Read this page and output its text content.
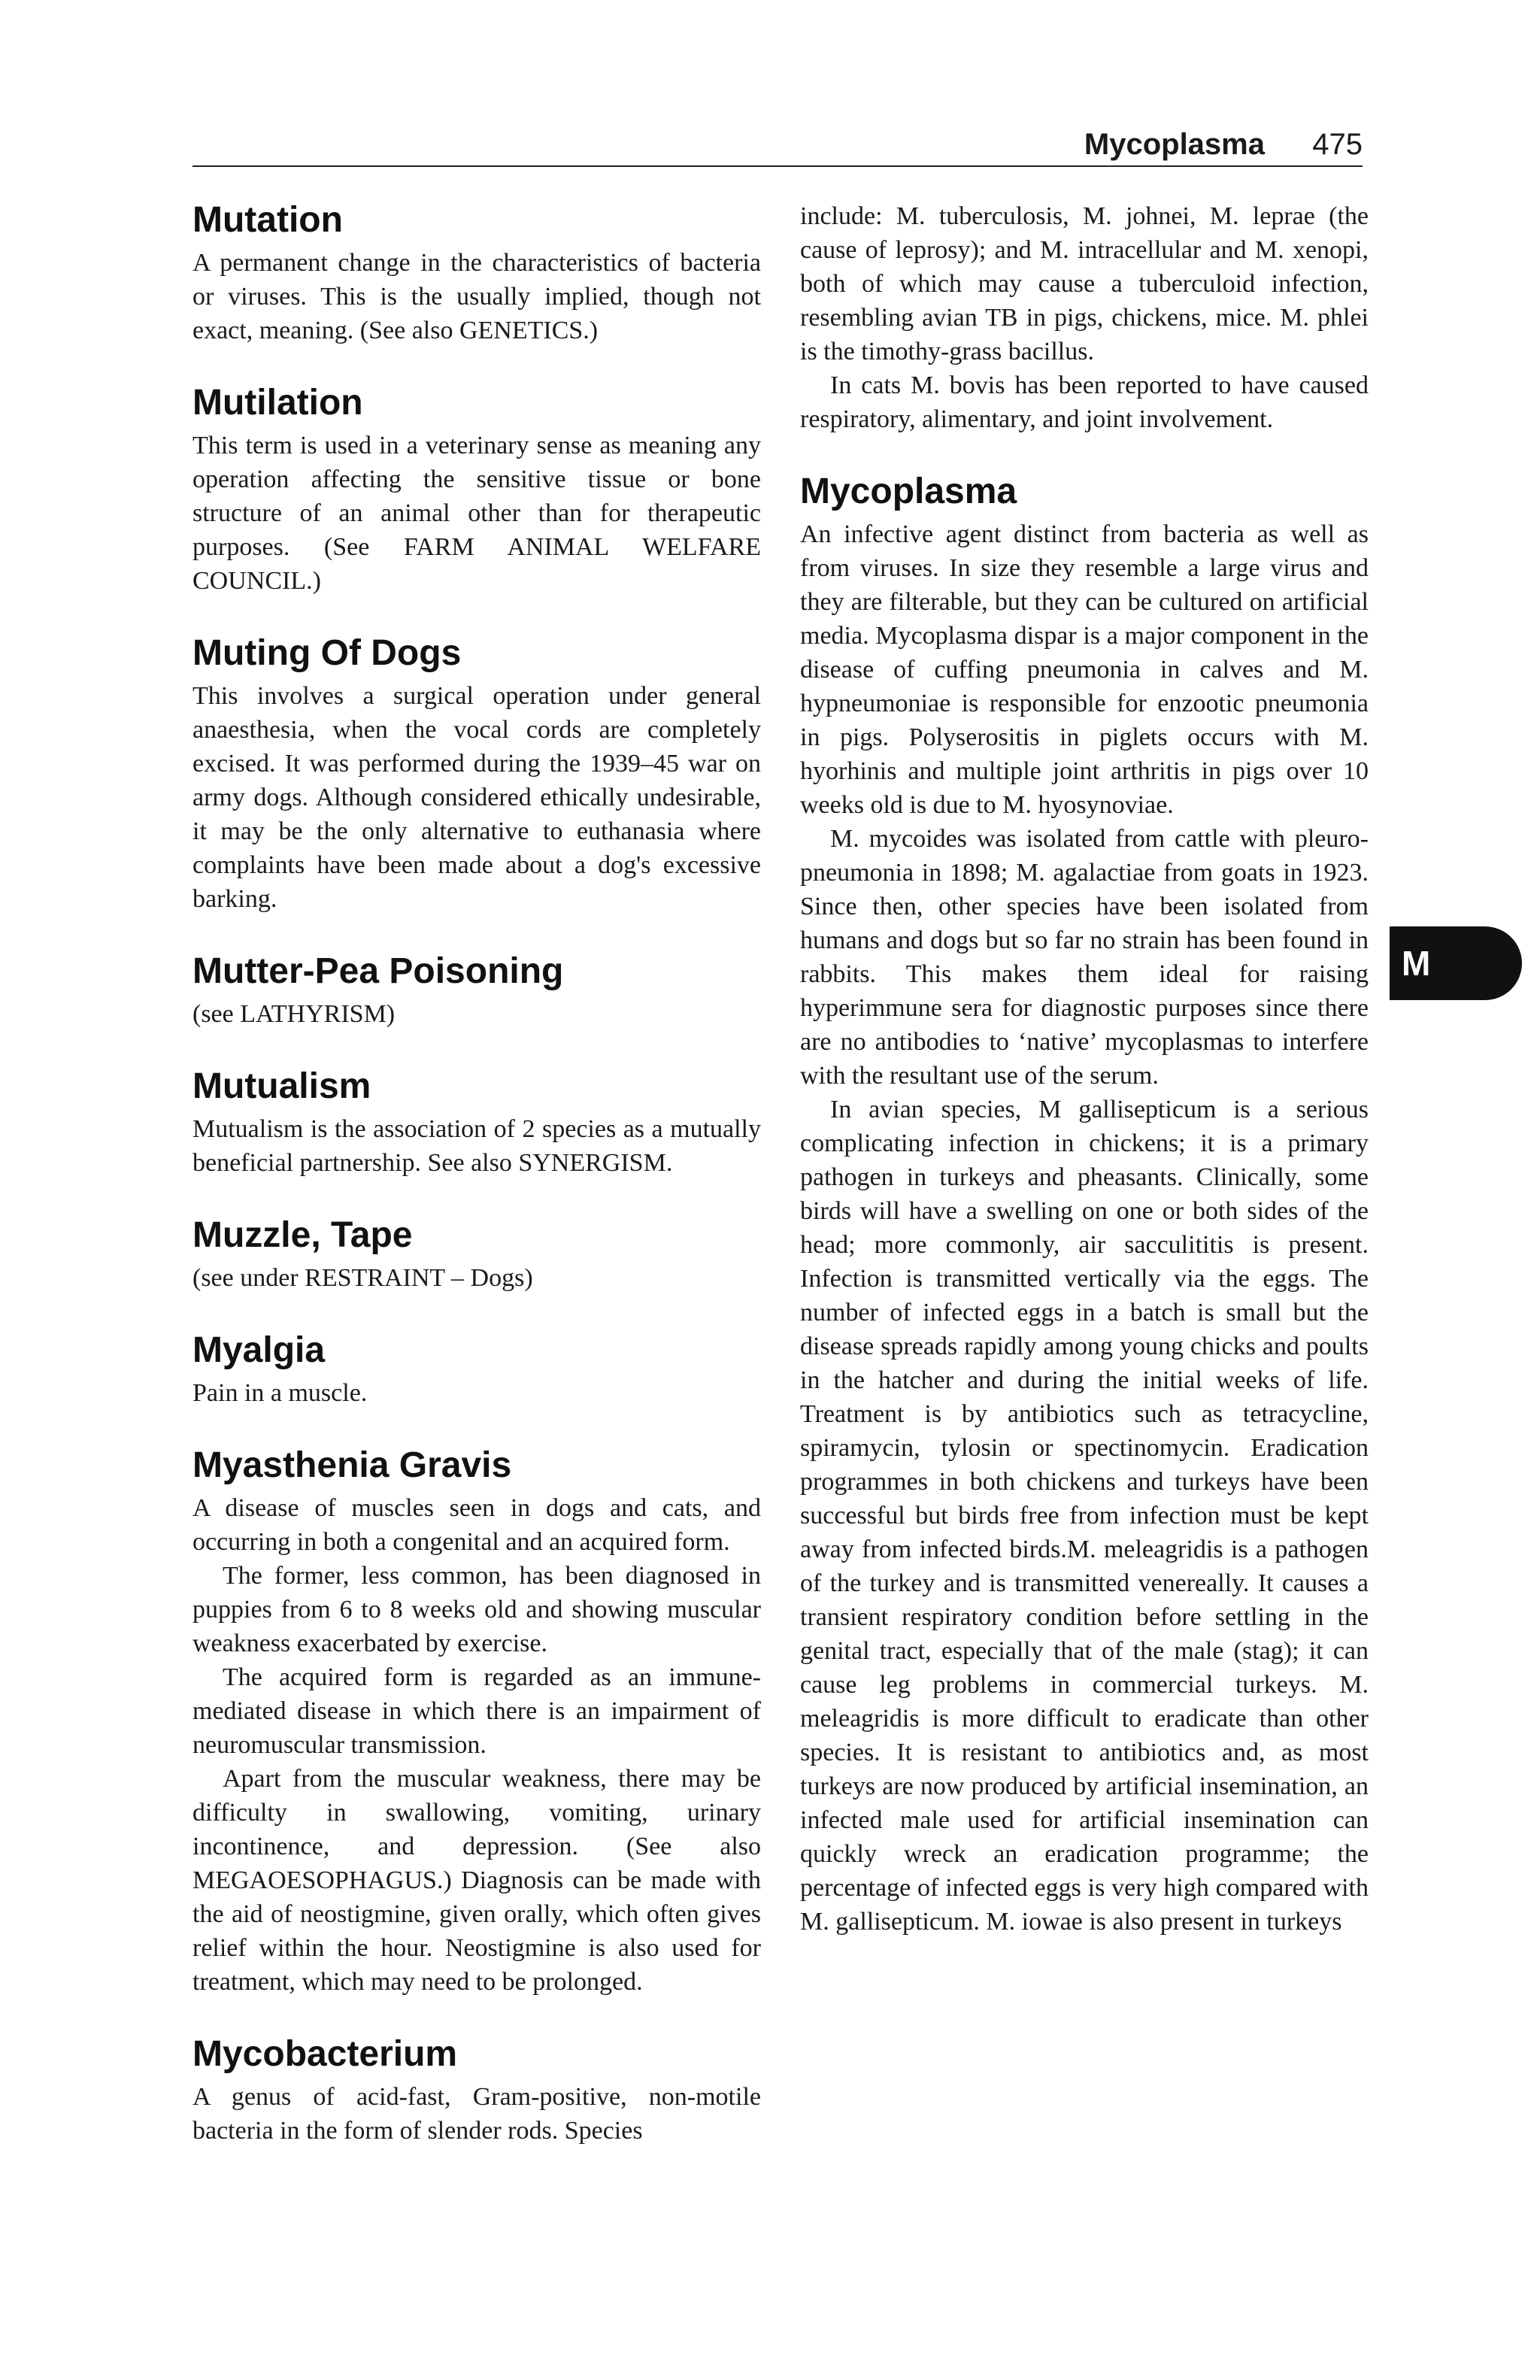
Mycoplasma 475
Mutation

A permanent change in the characteristics of bacteria or viruses. This is the usually implied, though not exact, meaning. (See also GENETICS.)

Mutilation

This term is used in a veterinary sense as meaning any operation affecting the sensitive tissue or bone structure of an animal other than for therapeutic purposes. (See FARM ANIMAL WELFARE COUNCIL.)

Muting Of Dogs

This involves a surgical operation under general anaesthesia, when the vocal cords are completely excised. It was performed during the 1939–45 war on army dogs. Although considered ethically undesirable, it may be the only alternative to euthanasia where complaints have been made about a dog's excessive barking.

Mutter-Pea Poisoning

(see LATHYRISM)

Mutualism

Mutualism is the association of 2 species as a mutually beneficial partnership. See also SYNERGISM.

Muzzle, Tape

(see under RESTRAINT – Dogs)

Myalgia

Pain in a muscle.

Myasthenia Gravis

A disease of muscles seen in dogs and cats, and occurring in both a congenital and an acquired form.

The former, less common, has been diagnosed in puppies from 6 to 8 weeks old and showing muscular weakness exacerbated by exercise.

The acquired form is regarded as an immune-mediated disease in which there is an impairment of neuromuscular transmission.

Apart from the muscular weakness, there may be difficulty in swallowing, vomiting, urinary incontinence, and depression. (See also MEGAOESOPHAGUS.) Diagnosis can be made with the aid of neostigmine, given orally, which often gives relief within the hour. Neostigmine is also used for treatment, which may need to be prolonged.

Mycobacterium

A genus of acid-fast, Gram-positive, non-motile bacteria in the form of slender rods. Species

include: M. tuberculosis, M. johnei, M. leprae (the cause of leprosy); and M. intracellular and M. xenopi, both of which may cause a tuberculoid infection, resembling avian TB in pigs, chickens, mice. M. phlei is the timothy-grass bacillus.

In cats M. bovis has been reported to have caused respiratory, alimentary, and joint involvement.

Mycoplasma

An infective agent distinct from bacteria as well as from viruses. In size they resemble a large virus and they are filterable, but they can be cultured on artificial media. Mycoplasma dispar is a major component in the disease of cuffing pneumonia in calves and M. hypneumoniae is responsible for enzootic pneumonia in pigs. Polyserositis in piglets occurs with M. hyorhinis and multiple joint arthritis in pigs over 10 weeks old is due to M. hyosynoviae.

M. mycoides was isolated from cattle with pleuro-pneumonia in 1898; M. agalactiae from goats in 1923. Since then, other species have been isolated from humans and dogs but so far no strain has been found in rabbits. This makes them ideal for raising hyperimmune sera for diagnostic purposes since there are no antibodies to ‘native’ mycoplasmas to interfere with the resultant use of the serum.

In avian species, M gallisepticum is a serious complicating infection in chickens; it is a primary pathogen in turkeys and pheasants. Clinically, some birds will have a swelling on one or both sides of the head; more commonly, air sacculititis is present. Infection is transmitted vertically via the eggs. The number of infected eggs in a batch is small but the disease spreads rapidly among young chicks and poults in the hatcher and during the initial weeks of life. Treatment is by antibiotics such as tetracycline, spiramycin, tylosin or spectinomycin. Eradication programmes in both chickens and turkeys have been successful but birds free from infection must be kept away from infected birds.M. meleagridis is a pathogen of the turkey and is transmitted venereally. It causes a transient respiratory condition before settling in the genital tract, especially that of the male (stag); it can cause leg problems in commercial turkeys. M. meleagridis is more difficult to eradicate than other species. It is resistant to antibiotics and, as most turkeys are now produced by artificial insemination, an infected male used for artificial insemination can quickly wreck an eradication programme; the percentage of infected eggs is very high compared with M. gallisepticum. M. iowae is also present in turkeys

M
